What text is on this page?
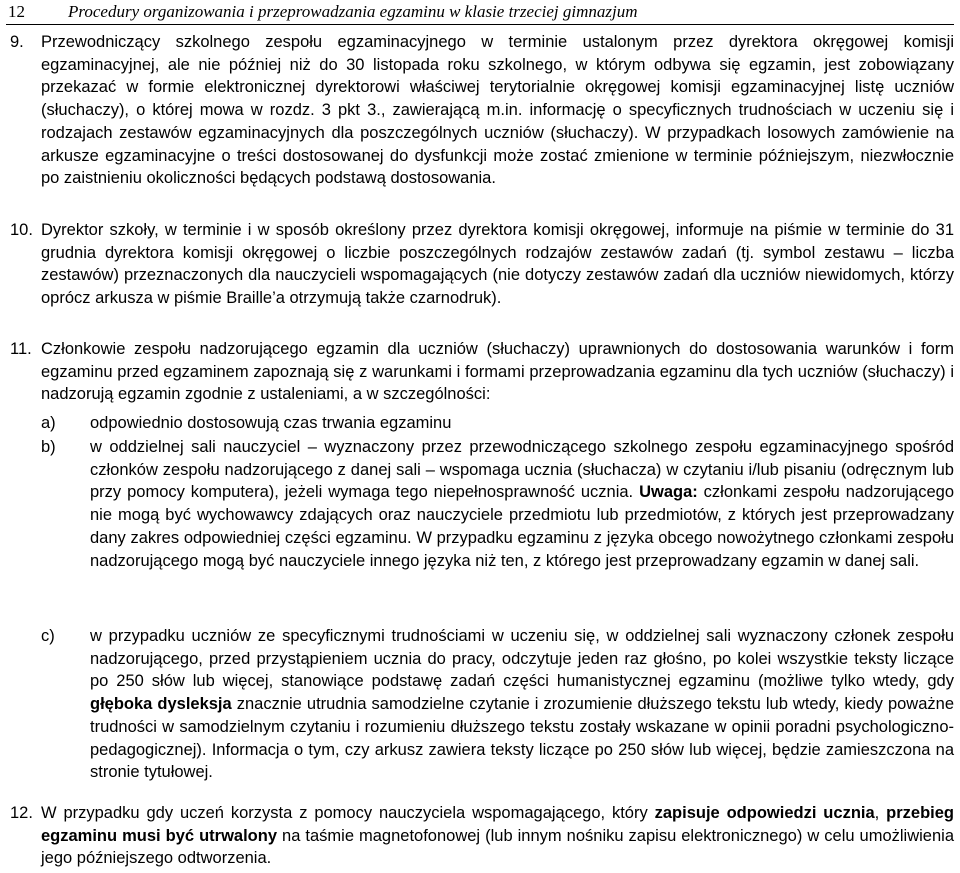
12	Procedury organizowania i przeprowadzania egzaminu w klasie trzeciej gimnazjum
9.	Przewodniczący szkolnego zespołu egzaminacyjnego w terminie ustalonym przez dyrektora okręgowej komisji egzaminacyjnej, ale nie później niż do 30 listopada roku szkolnego, w którym odbywa się egzamin, jest zobowiązany przekazać w formie elektronicznej dyrektorowi właściwej terytorialnie okręgowej komisji egzaminacyjnej listę uczniów (słuchaczy), o której mowa w rozdz. 3 pkt 3., zawierającą m.in. informację o specyficznych trudnościach w uczeniu się i rodzajach zestawów egzaminacyjnych dla poszczególnych uczniów (słuchaczy). W przypadkach losowych zamówienie na arkusze egzaminacyjne o treści dostosowanej do dysfunkcji może zostać zmienione w terminie późniejszym, niezwłocznie po zaistnieniu okoliczności będących podstawą dostosowania.
10. Dyrektor szkoły, w terminie i w sposób określony przez dyrektora komisji okręgowej, informuje na piśmie w terminie do 31 grudnia dyrektora komisji okręgowej o liczbie poszczególnych rodzajów zestawów zadań (tj. symbol zestawu – liczba zestawów) przeznaczonych dla nauczycieli wspomagających (nie dotyczy zestawów zadań dla uczniów niewidomych, którzy oprócz arkusza w piśmie Braille’a otrzymują także czarnodruk).
11. Członkowie zespołu nadzorującego egzamin dla uczniów (słuchaczy) uprawnionych do dostosowania warunków i form egzaminu przed egzaminem zapoznają się z warunkami i formami przeprowadzania egzaminu dla tych uczniów (słuchaczy) i nadzorują egzamin zgodnie z ustaleniami, a w szczególności:
a)	odpowiednio dostosowują czas trwania egzaminu
b)	w oddzielnej sali nauczyciel – wyznaczony przez przewodniczącego szkolnego zespołu egzaminacyjnego spośród członków zespołu nadzorującego z danej sali – wspomaga ucznia (słuchacza) w czytaniu i/lub pisaniu (odręcznym lub przy pomocy komputera), jeżeli wymaga tego niepełnosprawność ucznia. Uwaga: członkami zespołu nadzorującego nie mogą być wychowawcy zdających oraz nauczyciele przedmiotu lub przedmiotów, z których jest przeprowadzany dany zakres odpowiedniej części egzaminu. W przypadku egzaminu z języka obcego nowożytnego członkami zespołu nadzorującego mogą być nauczyciele innego języka niż ten, z którego jest przeprowadzany egzamin w danej sali.
c)	w przypadku uczniów ze specyficznymi trudnościami w uczeniu się, w oddzielnej sali wyznaczony członek zespołu nadzorującego, przed przystąpieniem ucznia do pracy, odczytuje jeden raz głośno, po kolei wszystkie teksty liczące po 250 słów lub więcej, stanowiące podstawę zadań części humanistycznej egzaminu (możliwe tylko wtedy, gdy głęboka dysleksja znacznie utrudnia samodzielne czytanie i zrozumienie dłuższego tekstu lub wtedy, kiedy poważne trudności w samodzielnym czytaniu i rozumieniu dłuższego tekstu zostały wskazane w opinii poradni psychologiczno-pedagogicznej). Informacja o tym, czy arkusz zawiera teksty liczące po 250 słów lub więcej, będzie zamieszczona na stronie tytułowej.
12. W przypadku gdy uczeń korzysta z pomocy nauczyciela wspomagającego, który zapisuje odpowiedzi ucznia, przebieg egzaminu musi być utrwalony na taśmie magnetofonowej (lub innym nośniku zapisu elektronicznego) w celu umożliwienia jego późniejszego odtworzenia.
